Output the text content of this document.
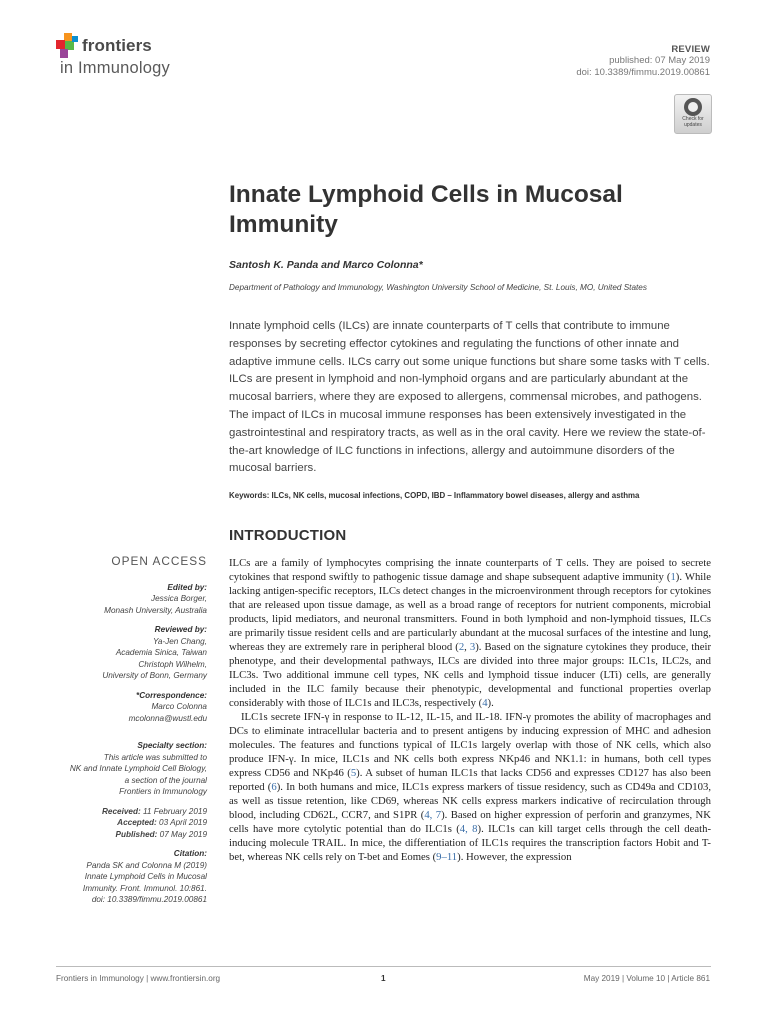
frontiers
in Immunology
REVIEW
published: 07 May 2019
doi: 10.3389/fimmu.2019.00861
Check for updates
Innate Lymphoid Cells in Mucosal Immunity
Santosh K. Panda and Marco Colonna*
Department of Pathology and Immunology, Washington University School of Medicine, St. Louis, MO, United States
Innate lymphoid cells (ILCs) are innate counterparts of T cells that contribute to immune responses by secreting effector cytokines and regulating the functions of other innate and adaptive immune cells. ILCs carry out some unique functions but share some tasks with T cells. ILCs are present in lymphoid and non-lymphoid organs and are particularly abundant at the mucosal barriers, where they are exposed to allergens, commensal microbes, and pathogens. The impact of ILCs in mucosal immune responses has been extensively investigated in the gastrointestinal and respiratory tracts, as well as in the oral cavity. Here we review the state-of-the-art knowledge of ILC functions in infections, allergy and autoimmune disorders of the mucosal barriers.
Keywords: ILCs, NK cells, mucosal infections, COPD, IBD – Inflammatory bowel diseases, allergy and asthma
INTRODUCTION

ILCs are a family of lymphocytes comprising the innate counterparts of T cells. They are poised to secrete cytokines that respond swiftly to pathogenic tissue damage and shape subsequent adaptive immunity (1). While lacking antigen-specific receptors, ILCs detect changes in the microenvironment through receptors for cytokines that are released upon tissue damage, as well as a broad range of receptors for nutrient components, microbial products, lipid mediators, and neuronal transmitters. Found in both lymphoid and non-lymphoid tissues, ILCs are primarily tissue resident cells and are particularly abundant at the mucosal surfaces of the intestine and lung, whereas they are extremely rare in peripheral blood (2, 3). Based on the signature cytokines they produce, their phenotype, and their developmental pathways, ILCs are divided into three major groups: ILC1s, ILC2s, and ILC3s. Two additional immune cell types, NK cells and lymphoid tissue inducer (LTi) cells, are generally included in the ILC family because their phenotypic, developmental and functional properties overlap considerably with those of ILC1s and ILC3s, respectively (4).

ILC1s secrete IFN-γ in response to IL-12, IL-15, and IL-18. IFN-γ promotes the ability of macrophages and DCs to eliminate intracellular bacteria and to present antigens by inducing expression of MHC and adhesion molecules. The features and functions typical of ILC1s largely overlap with those of NK cells, which also produce IFN-γ. In mice, ILC1s and NK cells both express NKp46 and NK1.1: in humans, both cell types express CD56 and NKp46 (5). A subset of human ILC1s that lacks CD56 and expresses CD127 has also been reported (6). In both humans and mice, ILC1s express markers of tissue residency, such as CD49a and CD103, as well as tissue retention, like CD69, whereas NK cells express markers indicative of recirculation through blood, including CD62L, CCR7, and S1PR (4, 7). Based on higher expression of perforin and granzymes, NK cells have more cytolytic potential than do ILC1s (4, 8). ILC1s can kill target cells through the cell death-inducing molecule TRAIL. In mice, the differentiation of ILC1s requires the transcription factors Hobit and T-bet, whereas NK cells rely on T-bet and Eomes (9–11). However, the expression

OPEN ACCESS
Edited by:
Jessica Borger,
Monash University, Australia
Reviewed by:
Ya-Jen Chang,
Academia Sinica, Taiwan
Christoph Wilhelm,
University of Bonn, Germany
*Correspondence:
Marco Colonna
mcolonna@wustl.edu
Specialty section:
This article was submitted to
NK and Innate Lymphoid Cell Biology,
a section of the journal
Frontiers in Immunology
Received: 11 February 2019
Accepted: 03 April 2019
Published: 07 May 2019
Citation:
Panda SK and Colonna M (2019)
Innate Lymphoid Cells in Mucosal
Immunity. Front. Immunol. 10:861.
doi: 10.3389/fimmu.2019.00861
Frontiers in Immunology | www.frontiersin.org	1	May 2019 | Volume 10 | Article 861
